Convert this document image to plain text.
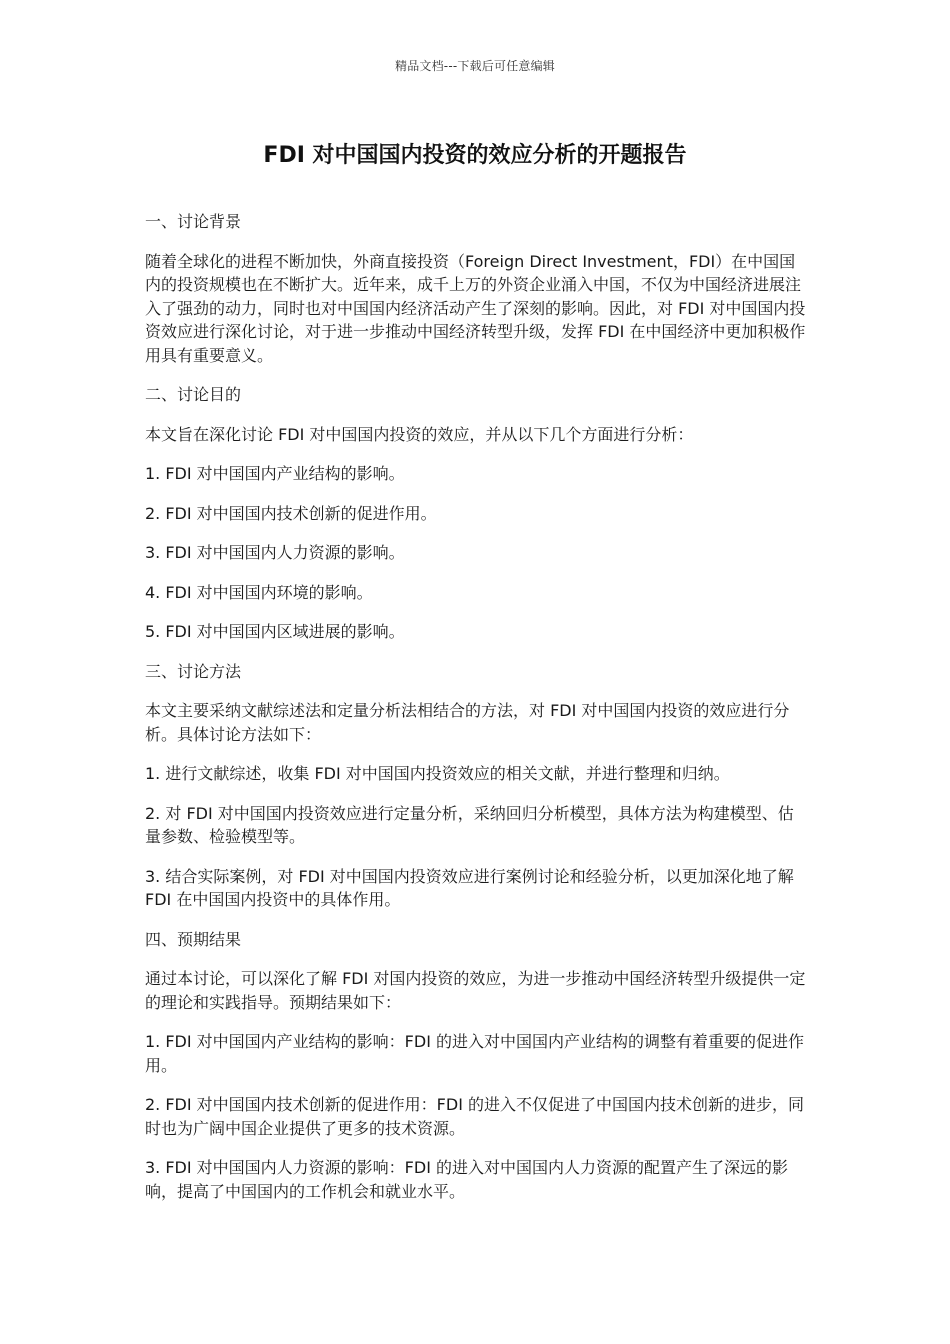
精品文档---下载后可任意编辑
FDI 对中国国内投资的效应分析的开题报告
一、讨论背景

随着全球化的进程不断加快，外商直接投资（Foreign Direct Investment，FDI）在中国国内的投资规模也在不断扩大。近年来，成千上万的外资企业涌入中国，不仅为中国经济进展注入了强劲的动力，同时也对中国国内经济活动产生了深刻的影响。因此，对 FDI 对中国国内投资效应进行深化讨论，对于进一步推动中国经济转型升级，发挥 FDI 在中国经济中更加积极作用具有重要意义。

二、讨论目的

本文旨在深化讨论 FDI 对中国国内投资的效应，并从以下几个方面进行分析：

1. FDI 对中国国内产业结构的影响。

2. FDI 对中国国内技术创新的促进作用。

3. FDI 对中国国内人力资源的影响。

4. FDI 对中国国内环境的影响。

5. FDI 对中国国内区域进展的影响。

三、讨论方法

本文主要采纳文献综述法和定量分析法相结合的方法，对 FDI 对中国国内投资的效应进行分析。具体讨论方法如下：

1. 进行文献综述，收集 FDI 对中国国内投资效应的相关文献，并进行整理和归纳。

2. 对 FDI 对中国国内投资效应进行定量分析，采纳回归分析模型，具体方法为构建模型、估量参数、检验模型等。

3. 结合实际案例，对 FDI 对中国国内投资效应进行案例讨论和经验分析，以更加深化地了解 FDI 在中国国内投资中的具体作用。

四、预期结果

通过本讨论，可以深化了解 FDI 对国内投资的效应，为进一步推动中国经济转型升级提供一定的理论和实践指导。预期结果如下：

1. FDI 对中国国内产业结构的影响：FDI 的进入对中国国内产业结构的调整有着重要的促进作用。

2. FDI 对中国国内技术创新的促进作用：FDI 的进入不仅促进了中国国内技术创新的进步，同时也为广阔中国企业提供了更多的技术资源。

3. FDI 对中国国内人力资源的影响：FDI 的进入对中国国内人力资源的配置产生了深远的影响，提高了中国国内的工作机会和就业水平。
